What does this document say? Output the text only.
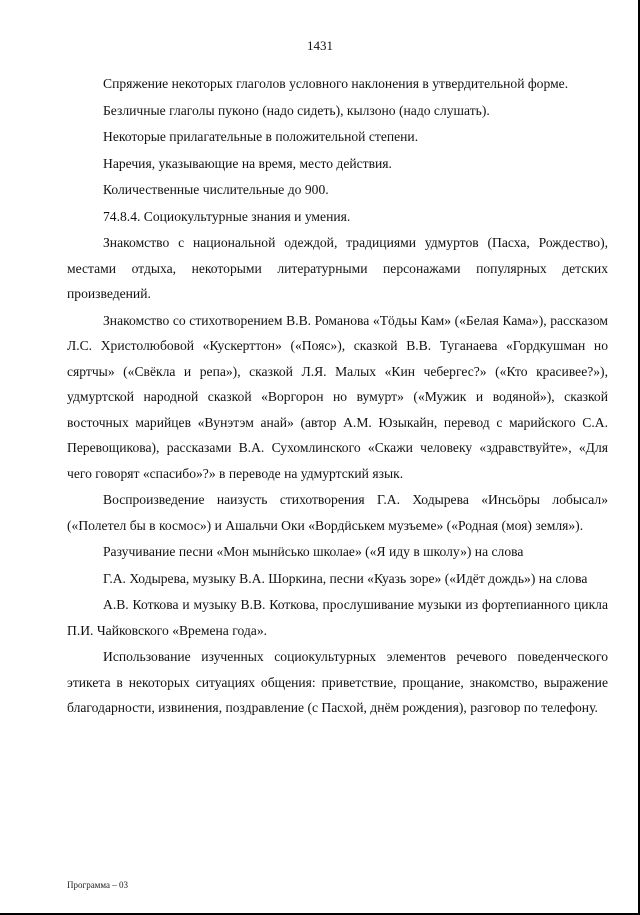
1431

Спряжение некоторых глаголов условного наклонения в утвердительной форме.

Безличные глаголы пуконо (надо сидеть), кылзоно (надо слушать).

Некоторые прилагательные в положительной степени.

Наречия, указывающие на время, место действия.

Количественные числительные до 900.

74.8.4. Социокультурные знания и умения.

Знакомство с национальной одеждой, традициями удмуртов (Пасха, Рождество), местами отдыха, некоторыми литературными персонажами популярных детских произведений.

Знакомство со стихотворением В.В. Романова «Тӧдьы Кам» («Белая Кама»), рассказом Л.С. Христолюбовой «Кускерттон» («Пояс»), сказкой В.В. Туганаева «Гордкушман но сяртчы» («Свёкла и репа»), сказкой Л.Я. Малых «Кин чебергес?» («Кто красивее?»), удмуртской народной сказкой «Воргорон но вумурт» («Мужик и водяной»), сказкой восточных марийцев «Вунэтэм анай» (автор А.М. Юзыкайн, перевод с марийского С.А. Перевощикова), рассказами В.А. Сухомлинского «Скажи человеку «здравствуйте», «Для чего говорят «спасибо»?» в переводе на удмуртский язык.

Воспроизведение наизусть стихотворения Г.А. Ходырева «Инсьӧры лобысал» («Полетел бы в космос») и Ашальчи Оки «Вордӥськем музъеме» («Родная (моя) земля»).

Разучивание песни «Мон мынӥсько школае» («Я иду в школу») на слова

Г.А. Ходырева, музыку В.А. Шоркина, песни «Куазь зоре» («Идёт дождь») на слова

А.В. Коткова и музыку В.В. Коткова, прослушивание музыки из фортепианного цикла П.И. Чайковского «Времена года».

Использование изученных социокультурных элементов речевого поведенческого этикета в некоторых ситуациях общения: приветствие, прощание, знакомство, выражение благодарности, извинения, поздравление (с Пасхой, днём рождения), разговор по телефону.

Программа – 03
